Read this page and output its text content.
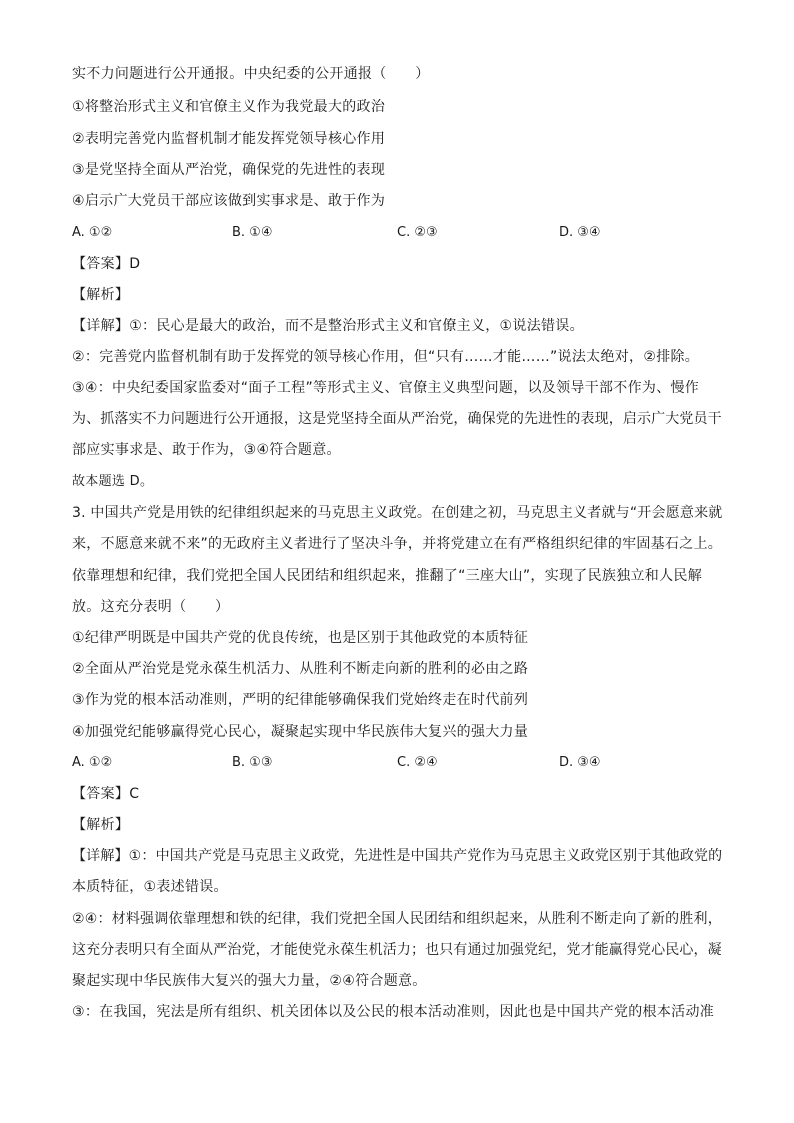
实不力问题进行公开通报。中央纪委的公开通报（　　）
①将整治形式主义和官僚主义作为我党最大的政治
②表明完善党内监督机制才能发挥党领导核心作用
③是党坚持全面从严治党，确保党的先进性的表现
④启示广大党员干部应该做到实事求是、敢于作为
A. ①②	B. ①④	C. ②③	D. ③④
【答案】D
【解析】
【详解】①：民心是最大的政治，而不是整治形式主义和官僚主义，①说法错误。
②：完善党内监督机制有助于发挥党的领导核心作用，但“只有……才能……”说法太绝对，②排除。
③④：中央纪委国家监委对“面子工程”等形式主义、官僚主义典型问题，以及领导干部不作为、慢作
为、抓落实不力问题进行公开通报，这是党坚持全面从严治党，确保党的先进性的表现，启示广大党员干
部应实事求是、敢于作为，③④符合题意。
故本题选 D。
3. 中国共产党是用铁的纪律组织起来的马克思主义政党。在创建之初，马克思主义者就与“开会愿意来就
来，不愿意来就不来”的无政府主义者进行了坚决斗争，并将党建立在有严格组织纪律的牢固基石之上。
依靠理想和纪律，我们党把全国人民团结和组织起来，推翻了“三座大山”，实现了民族独立和人民解
放。这充分表明（　　）
①纪律严明既是中国共产党的优良传统，也是区别于其他政党的本质特征
②全面从严治党是党永葆生机活力、从胜利不断走向新的胜利的必由之路
③作为党的根本活动准则，严明的纪律能够确保我们党始终走在时代前列
④加强党纪能够赢得党心民心，凝聚起实现中华民族伟大复兴的强大力量
A. ①②	B. ①③	C. ②④	D. ③④
【答案】C
【解析】
【详解】①：中国共产党是马克思主义政党，先进性是中国共产党作为马克思主义政党区别于其他政党的
本质特征，①表述错误。
②④：材料强调依靠理想和铁的纪律，我们党把全国人民团结和组织起来，从胜利不断走向了新的胜利，
这充分表明只有全面从严治党，才能使党永葆生机活力；也只有通过加强党纪，党才能赢得党心民心，凝
聚起实现中华民族伟大复兴的强大力量，②④符合题意。
③：在我国，宪法是所有组织、机关团体以及公民的根本活动准则，因此也是中国共产党的根本活动准
